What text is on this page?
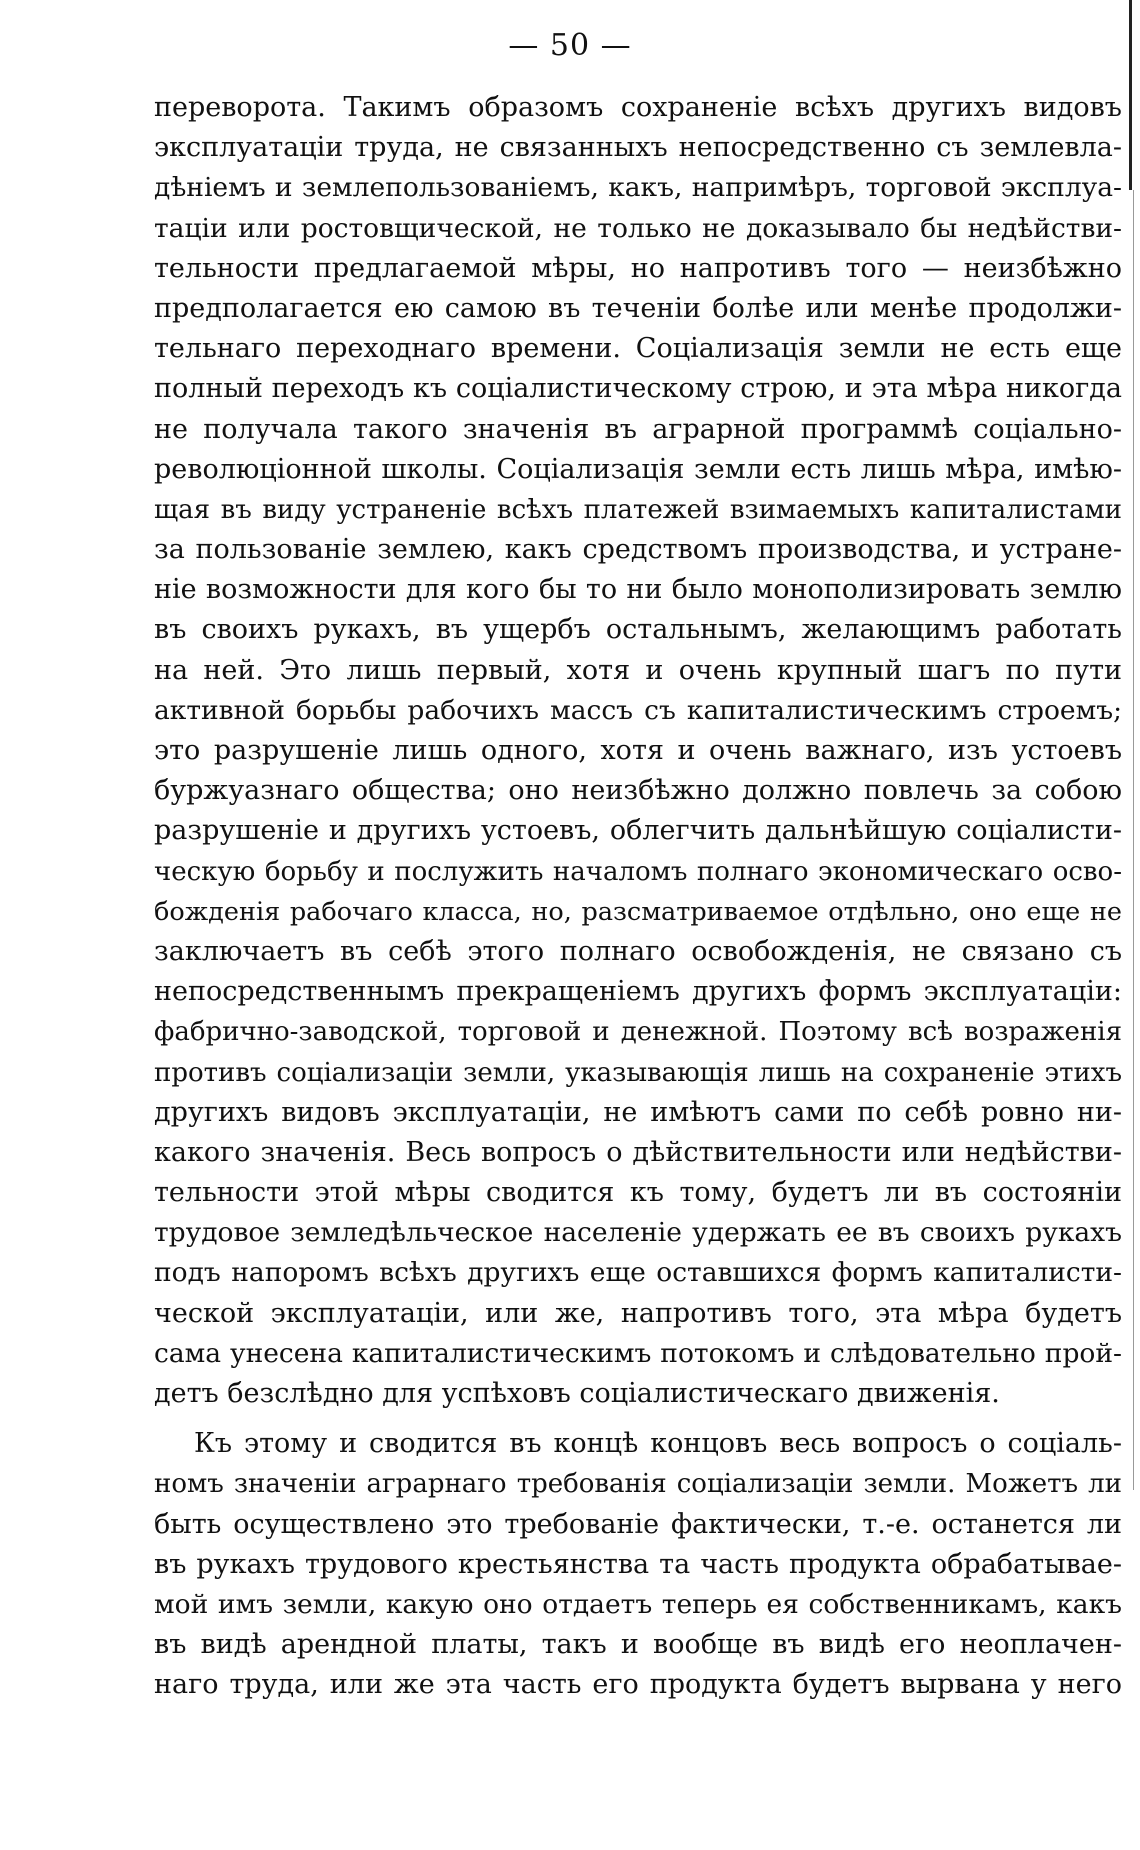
— 50 —
переворота. Такимъ образомъ сохраненіе всѣхъ другихъ видовъ
эксплуатаціи труда, не связанныхъ непосредственно съ землевла-
дѣніемъ и землепользованіемъ, какъ, напримѣръ, торговой эксплуа-
таціи или ростовщической, не только не доказывало бы недѣйстви-
тельности предлагаемой мѣры, но напротивъ того — неизбѣжно
предполагается ею самою въ теченіи болѣе или менѣе продолжи-
тельнаго переходнаго времени. Соціализація земли не есть еще
полный переходъ къ соціалистическому строю, и эта мѣра никогда
не получала такого значенія въ аграрной программѣ соціально-
революціонной школы. Соціализація земли есть лишь мѣра, имѣю-
щая въ виду устраненіе всѣхъ платежей взимаемыхъ капиталистами
за пользованіе землею, какъ средствомъ производства, и устране-
ніе возможности для кого бы то ни было монополизировать землю
въ своихъ рукахъ, въ ущербъ остальнымъ, желающимъ работать
на ней. Это лишь первый, хотя и очень крупный шагъ по пути
активной борьбы рабочихъ массъ съ капиталистическимъ строемъ;
это разрушеніе лишь одного, хотя и очень важнаго, изъ устоевъ
буржуазнаго общества; оно неизбѣжно должно повлечь за собою
разрушеніе и другихъ устоевъ, облегчить дальнѣйшую соціалисти-
ческую борьбу и послужить началомъ полнаго экономическаго осво-
божденія рабочаго класса, но, разсматриваемое отдѣльно, оно еще не
заключаетъ въ себѣ этого полнаго освобожденія, не связано съ
непосредственнымъ прекращеніемъ другихъ формъ эксплуатаціи:
фабрично-заводской, торговой и денежной. Поэтому всѣ возраженія
противъ соціализаціи земли, указывающія лишь на сохраненіе этихъ
другихъ видовъ эксплуатаціи, не имѣютъ сами по себѣ ровно ни-
какого значенія. Весь вопросъ о дѣйствительности или недѣйстви-
тельности этой мѣры сводится къ тому, будетъ ли въ состояніи
трудовое земледѣльческое населеніе удержать ее въ своихъ рукахъ
подъ напоромъ всѣхъ другихъ еще оставшихся формъ капиталисти-
ческой эксплуатаціи, или же, напротивъ того, эта мѣра будетъ
сама унесена капиталистическимъ потокомъ и слѣдовательно прой-
детъ безслѣдно для успѣховъ соціалистическаго движенія.
Къ этому и сводится въ концѣ концовъ весь вопросъ о соціаль-
номъ значеніи аграрнаго требованія соціализаціи земли. Можетъ ли
быть осуществлено это требованіе фактически, т.-е. останется ли
въ рукахъ трудового крестьянства та часть продукта обрабатывае-
мой имъ земли, какую оно отдаетъ теперь ея собственникамъ, какъ
въ видѣ арендной платы, такъ и вообще въ видѣ его неоплачен-
наго труда, или же эта часть его продукта будетъ вырвана у него
